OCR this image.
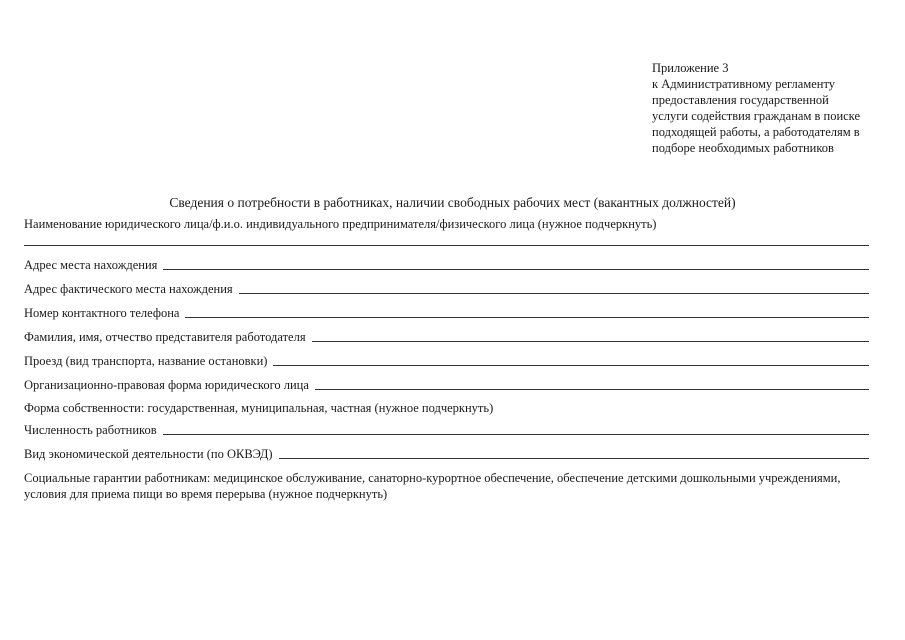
Приложение 3
к Административному регламенту
предоставления государственной
услуги содействия гражданам в поиске
подходящей работы, а работодателям в
подборе необходимых работников
Сведения о потребности в работниках, наличии свободных рабочих мест (вакантных должностей)
Наименование юридического лица/ф.и.о. индивидуального предпринимателя/физического лица (нужное подчеркнуть)
Адрес места нахождения
Адрес фактического места нахождения
Номер контактного телефона
Фамилия, имя, отчество представителя работодателя
Проезд (вид транспорта, название остановки)
Организационно-правовая форма юридического лица
Форма собственности: государственная, муниципальная, частная (нужное подчеркнуть)
Численность работников
Вид экономической деятельности (по ОКВЭД)
Социальные гарантии работникам: медицинское обслуживание, санаторно-курортное обеспечение, обеспечение детскими дошкольными учреждениями, условия для приема пищи во время перерыва (нужное подчеркнуть)
